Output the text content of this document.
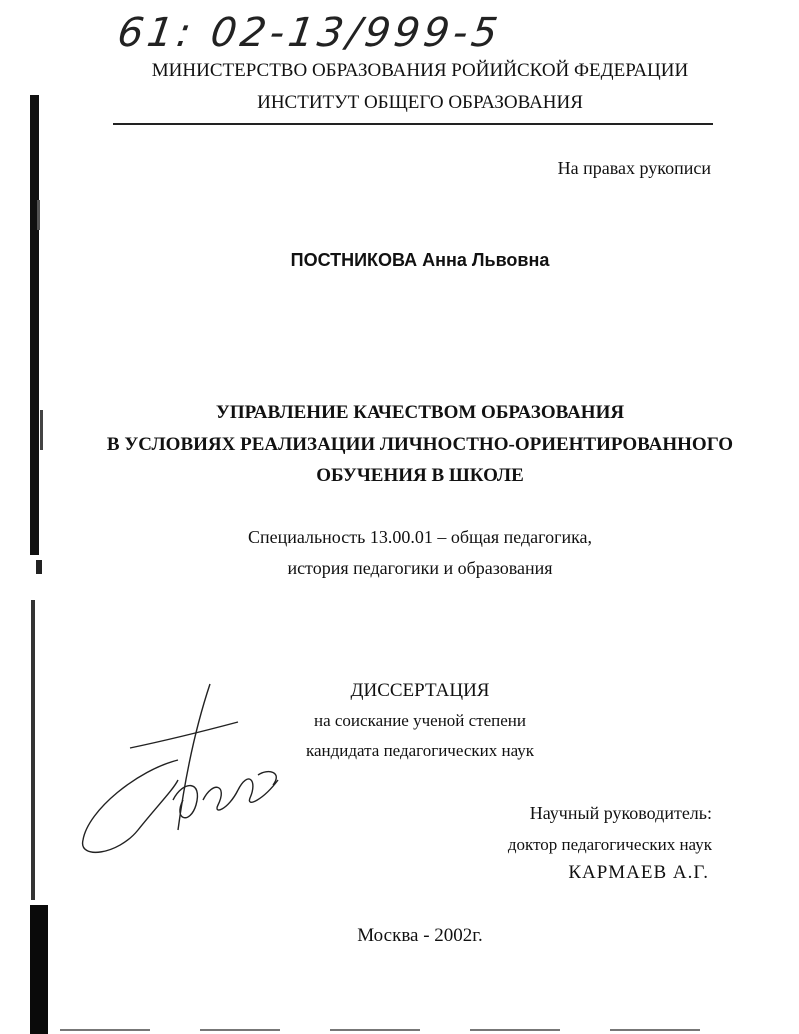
61: 02-13/999-5
МИНИСТЕРСТВО ОБРАЗОВАНИЯ РОЙИЙСКОЙ ФЕДЕРАЦИИ
ИНСТИТУТ ОБЩЕГО ОБРАЗОВАНИЯ
На правах рукописи
ПОСТНИКОВА Анна Львовна
УПРАВЛЕНИЕ КАЧЕСТВОМ ОБРАЗОВАНИЯ
В УСЛОВИЯХ РЕАЛИЗАЦИИ ЛИЧНОСТНО-ОРИЕНТИРОВАННОГО
ОБУЧЕНИЯ В ШКОЛЕ
Специальность 13.00.01 – общая педагогика,
история педагогики и образования
ДИССЕРТАЦИЯ
на соискание ученой степени
кандидата педагогических наук
Научный руководитель:
доктор педагогических наук
КАРМАЕВ А.Г.
Москва - 2002г.
